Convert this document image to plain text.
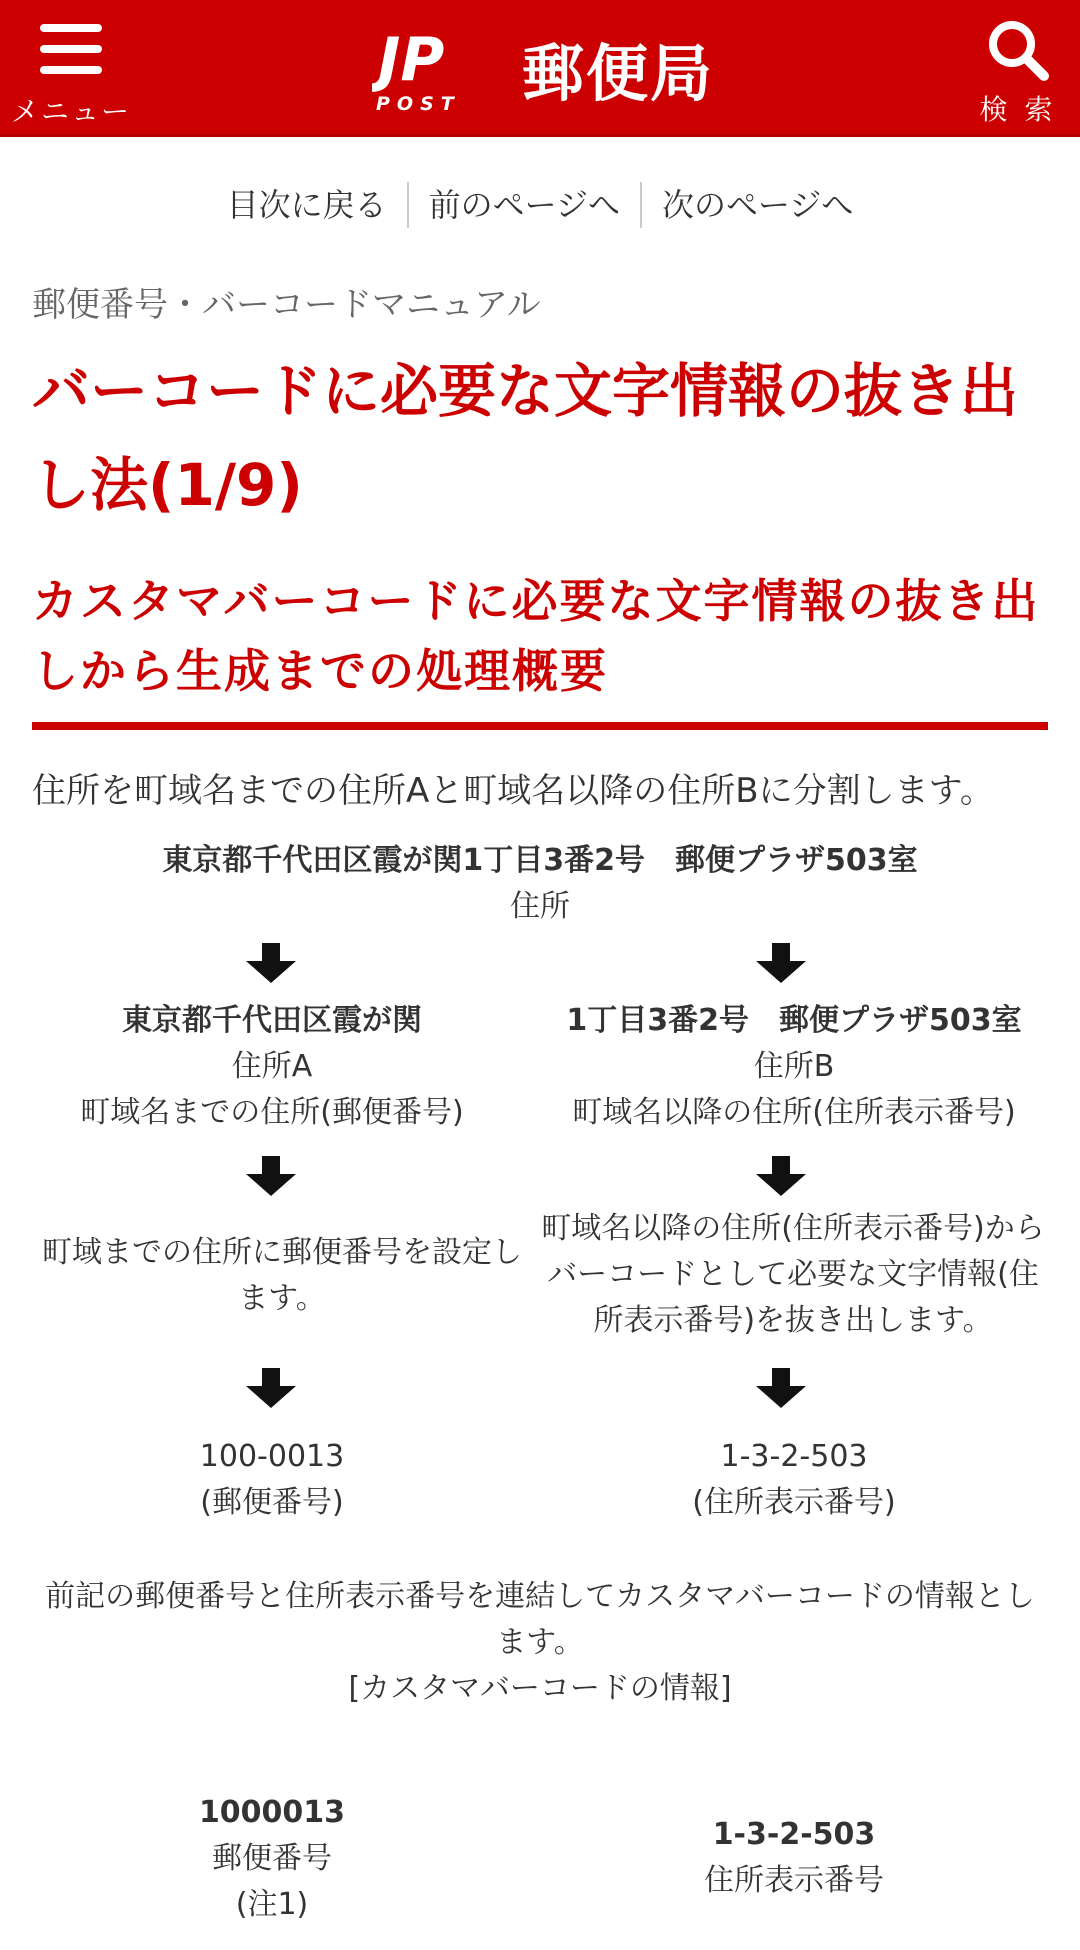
メニュー
JP
POST 郵便局	検 索
目次に戻る	前のページへ	次のページへ
郵便番号・バーコードマニュアル
バーコードに必要な文字情報の抜き出し法(1/9)
カスタマバーコードに必要な文字情報の抜き出しから生成までの処理概要
住所を町域名までの住所Aと町域名以降の住所Bに分割します。
東京都千代田区霞が関1丁目3番2号　郵便プラザ503室
住所
東京都千代田区霞が関
住所A
町域名までの住所(郵便番号)
1丁目3番2号　郵便プラザ503室
住所B
町域名以降の住所(住所表示番号)
町域までの住所に郵便番号を設定します。
町域名以降の住所(住所表示番号)からバーコードとして必要な文字情報(住所表示番号)を抜き出します。
100-0013
(郵便番号)
1-3-2-503
(住所表示番号)
前記の郵便番号と住所表示番号を連結してカスタマバーコードの情報とします。
[カスタマバーコードの情報]
1000013
郵便番号
(注1)
1-3-2-503
住所表示番号
